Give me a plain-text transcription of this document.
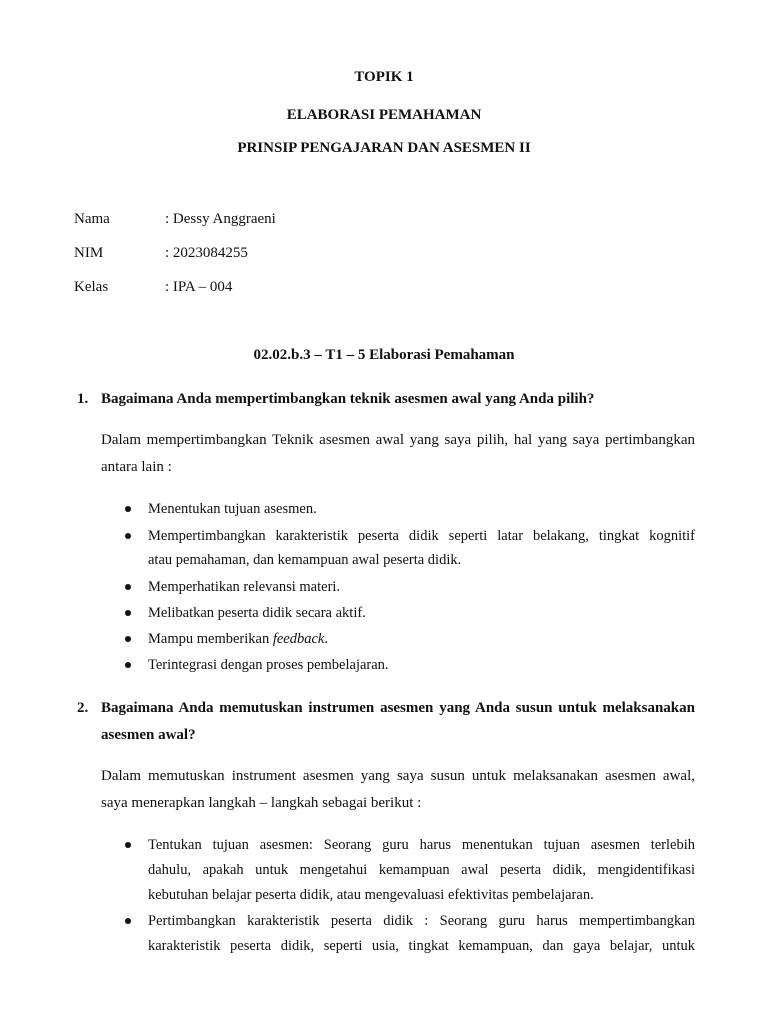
TOPIK 1
ELABORASI PEMAHAMAN
PRINSIP PENGAJARAN DAN ASESMEN II
Nama	: Dessy Anggraeni
NIM	: 2023084255
Kelas	: IPA – 004
02.02.b.3 – T1 – 5 Elaborasi Pemahaman
1. Bagaimana Anda mempertimbangkan teknik asesmen awal yang Anda pilih?
Dalam mempertimbangkan Teknik asesmen awal yang saya pilih, hal yang saya pertimbangkan
antara lain :
Menentukan tujuan asesmen.
Mempertimbangkan karakteristik peserta didik seperti latar belakang, tingkat kognitif
atau pemahaman, dan kemampuan awal peserta didik.
Memperhatikan relevansi materi.
Melibatkan peserta didik secara aktif.
Mampu memberikan feedback.
Terintegrasi dengan proses pembelajaran.
2. Bagaimana Anda memutuskan instrumen asesmen yang Anda susun untuk melaksanakan
asesmen awal?
Dalam memutuskan instrument asesmen yang saya susun untuk melaksanakan asesmen awal,
saya menerapkan langkah – langkah sebagai berikut :
Tentukan tujuan asesmen: Seorang guru harus menentukan tujuan asesmen terlebih
dahulu, apakah untuk mengetahui kemampuan awal peserta didik, mengidentifikasi
kebutuhan belajar peserta didik, atau mengevaluasi efektivitas pembelajaran.
Pertimbangkan karakteristik peserta didik : Seorang guru harus mempertimbangkan
karakteristik peserta didik, seperti usia, tingkat kemampuan, dan gaya belajar, untuk
